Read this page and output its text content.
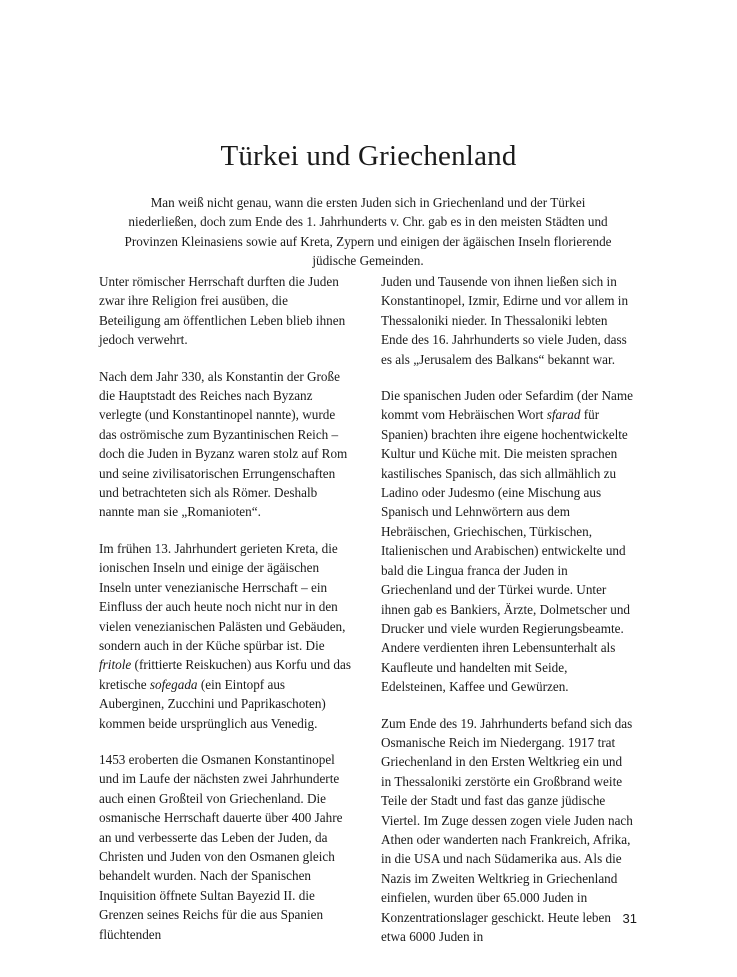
Türkei und Griechenland

Man weiß nicht genau, wann die ersten Juden sich in Griechenland und der Türkei niederließen, doch zum Ende des 1. Jahrhunderts v. Chr. gab es in den meisten Städten und Provinzen Kleinasiens sowie auf Kreta, Zypern und einigen der ägäischen Inseln florierende jüdische Gemeinden.

Unter römischer Herrschaft durften die Juden zwar ihre Religion frei ausüben, die Beteiligung am öffentlichen Leben blieb ihnen jedoch verwehrt.

Nach dem Jahr 330, als Konstantin der Große die Hauptstadt des Reiches nach Byzanz verlegte (und Konstantinopel nannte), wurde das oströmische zum Byzantinischen Reich – doch die Juden in Byzanz waren stolz auf Rom und seine zivilisatorischen Errungenschaften und betrachteten sich als Römer. Deshalb nannte man sie „Romanioten“.

Im frühen 13. Jahrhundert gerieten Kreta, die ionischen Inseln und einige der ägäischen Inseln unter venezianische Herrschaft – ein Einfluss der auch heute noch nicht nur in den vielen venezianischen Palästen und Gebäuden, sondern auch in der Küche spürbar ist. Die fritole (frittierte Reiskuchen) aus Korfu und das kretische sofegada (ein Eintopf aus Auberginen, Zucchini und Paprikaschoten) kommen beide ursprünglich aus Venedig.

1453 eroberten die Osmanen Konstantinopel und im Laufe der nächsten zwei Jahrhunderte auch einen Großteil von Griechenland. Die osmanische Herrschaft dauerte über 400 Jahre an und verbesserte das Leben der Juden, da Christen und Juden von den Osmanen gleich behandelt wurden. Nach der Spanischen Inquisition öffnete Sultan Bayezid II. die Grenzen seines Reichs für die aus Spanien flüchtenden

Juden und Tausende von ihnen ließen sich in Konstantinopel, Izmir, Edirne und vor allem in Thessaloniki nieder. In Thessaloniki lebten Ende des 16. Jahrhunderts so viele Juden, dass es als „Jerusalem des Balkans“ bekannt war.

Die spanischen Juden oder Sefardim (der Name kommt vom Hebräischen Wort sfarad für Spanien) brachten ihre eigene hochentwickelte Kultur und Küche mit. Die meisten sprachen kastilisches Spanisch, das sich allmählich zu Ladino oder Judesmo (eine Mischung aus Spanisch und Lehnwörtern aus dem Hebräischen, Griechischen, Türkischen, Italienischen und Arabischen) entwickelte und bald die Lingua franca der Juden in Griechenland und der Türkei wurde. Unter ihnen gab es Bankiers, Ärzte, Dolmetscher und Drucker und viele wurden Regierungsbeamte. Andere verdienten ihren Lebensunterhalt als Kaufleute und handelten mit Seide, Edelsteinen, Kaffee und Gewürzen.

Zum Ende des 19. Jahrhunderts befand sich das Osmanische Reich im Niedergang. 1917 trat Griechenland in den Ersten Weltkrieg ein und in Thessaloniki zerstörte ein Großbrand weite Teile der Stadt und fast das ganze jüdische Viertel. Im Zuge dessen zogen viele Juden nach Athen oder wanderten nach Frankreich, Afrika, in die USA und nach Südamerika aus. Als die Nazis im Zweiten Weltkrieg in Griechenland einfielen, wurden über 65.000 Juden in Konzentrationslager geschickt. Heute leben etwa 6000 Juden in

31
